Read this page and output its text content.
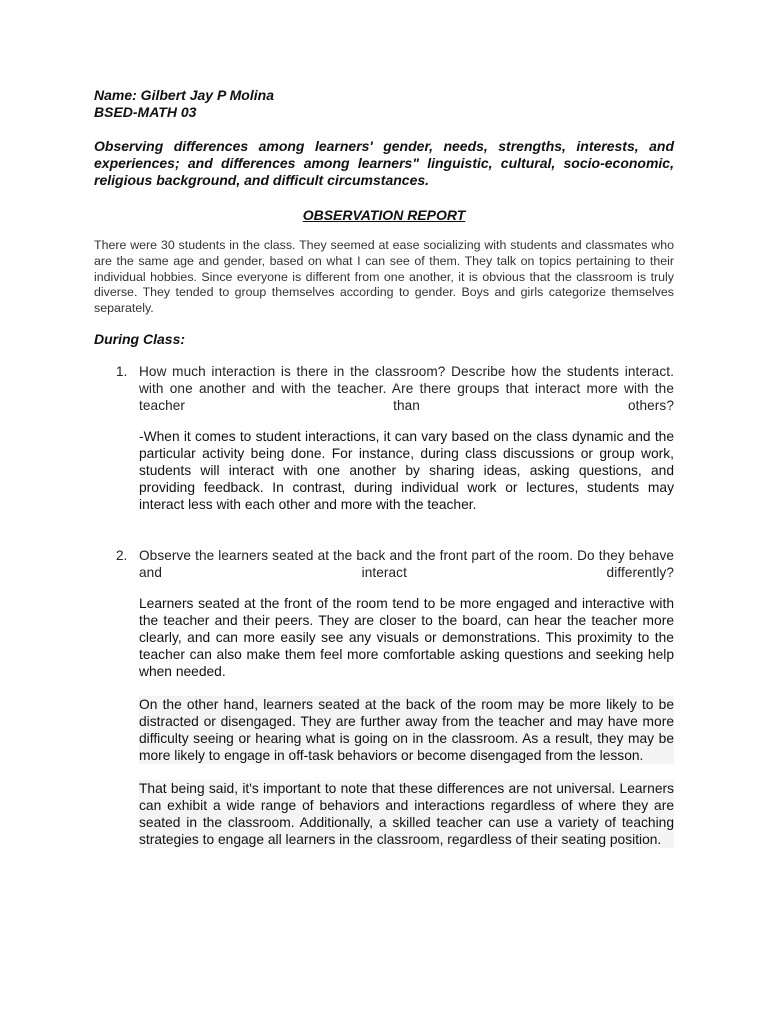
Name: Gilbert Jay P Molina

BSED-MATH 03

Observing differences among learners' gender, needs, strengths, interests, and experiences; and differences among learners" linguistic, cultural, socio-economic, religious background, and difficult circumstances.

OBSERVATION REPORT

There were 30 students in the class. They seemed at ease socializing with students and classmates who are the same age and gender, based on what I can see of them. They talk on topics pertaining to their individual hobbies. Since everyone is different from one another, it is obvious that the classroom is truly diverse. They tended to group themselves according to gender. Boys and girls categorize themselves separately.

During Class:

1. How much interaction is there in the classroom? Describe how the students interact. with one another and with the teacher. Are there groups that interact more with the teacher than others?

-When it comes to student interactions, it can vary based on the class dynamic and the particular activity being done. For instance, during class discussions or group work, students will interact with one another by sharing ideas, asking questions, and providing feedback. In contrast, during individual work or lectures, students may interact less with each other and more with the teacher.

2. Observe the learners seated at the back and the front part of the room. Do they behave and interact differently?

Learners seated at the front of the room tend to be more engaged and interactive with the teacher and their peers. They are closer to the board, can hear the teacher more clearly, and can more easily see any visuals or demonstrations. This proximity to the teacher can also make them feel more comfortable asking questions and seeking help when needed.

On the other hand, learners seated at the back of the room may be more likely to be distracted or disengaged. They are further away from the teacher and may have more difficulty seeing or hearing what is going on in the classroom. As a result, they may be more likely to engage in off-task behaviors or become disengaged from the lesson.

That being said, it's important to note that these differences are not universal. Learners can exhibit a wide range of behaviors and interactions regardless of where they are seated in the classroom. Additionally, a skilled teacher can use a variety of teaching strategies to engage all learners in the classroom, regardless of their seating position.
